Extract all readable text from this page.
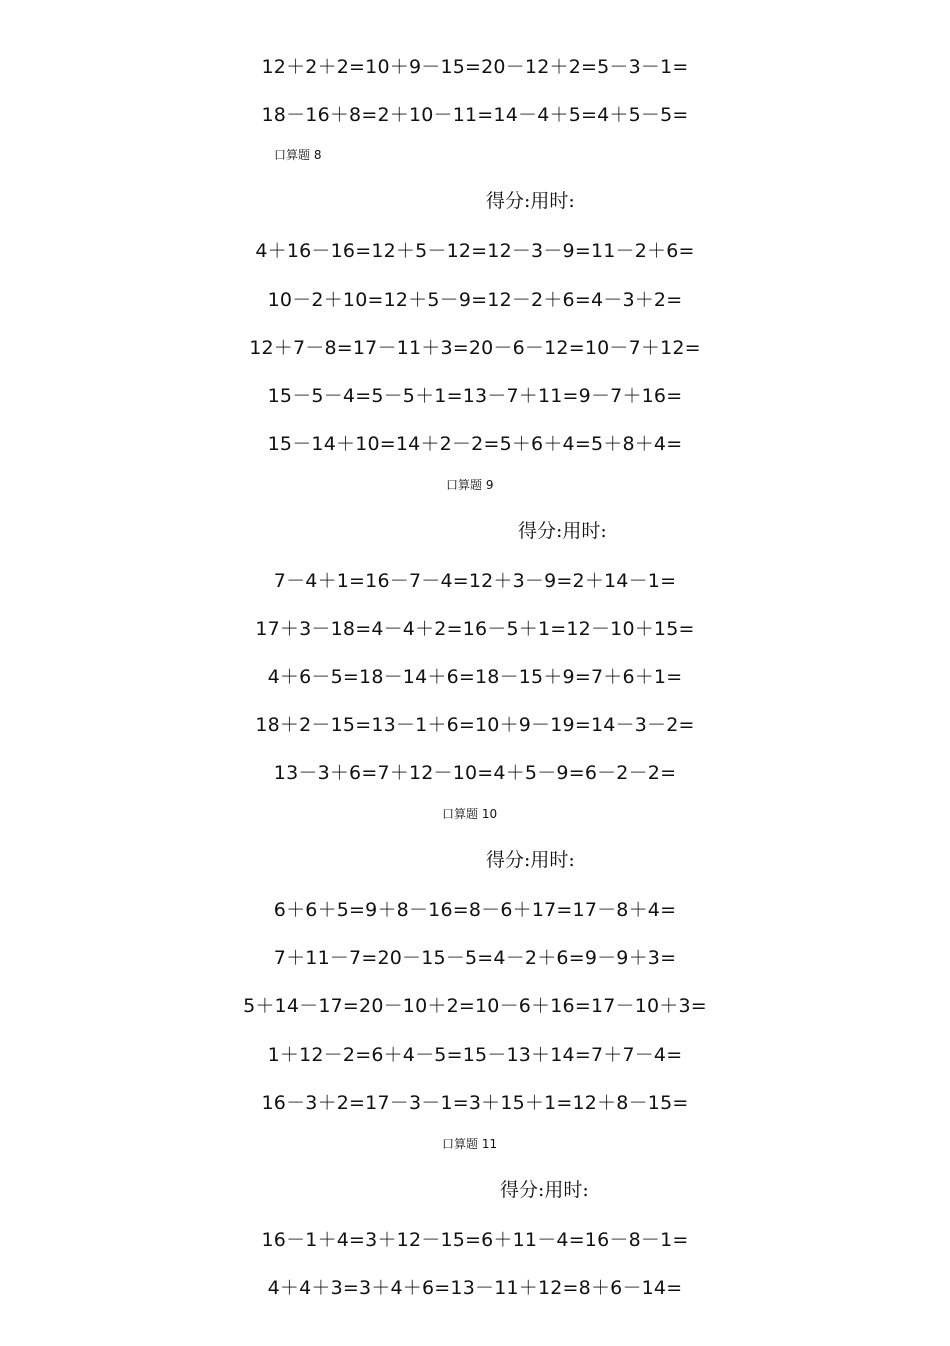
12＋2＋2=10＋9－15=20－12＋2=5－3－1=
18－16＋8=2＋10－11=14－4＋5=4＋5－5=
口算题 8
得分:用时:
4＋16－16=12＋5－12=12－3－9=11－2＋6=
10－2＋10=12＋5－9=12－2＋6=4－3＋2=
12＋7－8=17－11＋3=20－6－12=10－7＋12=
15－5－4=5－5＋1=13－7＋11=9－7＋16=
15－14＋10=14＋2－2=5＋6＋4=5＋8＋4=
口算题 9
得分:用时:
7－4＋1=16－7－4=12＋3－9=2＋14－1=
17＋3－18=4－4＋2=16－5＋1=12－10＋15=
4＋6－5=18－14＋6=18－15＋9=7＋6＋1=
18＋2－15=13－1＋6=10＋9－19=14－3－2=
13－3＋6=7＋12－10=4＋5－9=6－2－2=
口算题 10
得分:用时:
6＋6＋5=9＋8－16=8－6＋17=17－8＋4=
7＋11－7=20－15－5=4－2＋6=9－9＋3=
5＋14－17=20－10＋2=10－6＋16=17－10＋3=
1＋12－2=6＋4－5=15－13＋14=7＋7－4=
16－3＋2=17－3－1=3＋15＋1=12＋8－15=
口算题 11
得分:用时:
16－1＋4=3＋12－15=6＋11－4=16－8－1=
4＋4＋3=3＋4＋6=13－11＋12=8＋6－14=
